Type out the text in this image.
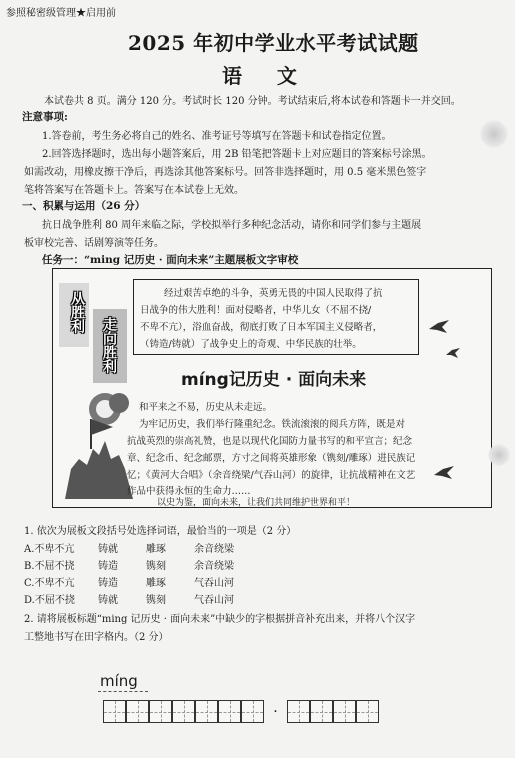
参照秘密级管理★启用前
2025 年初中学业水平考试试题
语     文
本试卷共 8 页。满分 120 分。考试时长 120 分钟。考试结束后,将本试卷和答题卡一并交回。
注意事项:
1.答卷前，考生务必将自己的姓名、准考证号等填写在答题卡和试卷指定位置。
2.回答选择题时，选出每小题答案后，用 2B 铅笔把答题卡上对应题目的答案标号涂黑。
如需改动，用橡皮擦干净后，再选涂其他答案标号。回答非选择题时，用 0.5 毫米黑色签字
笔将答案写在答题卡上。答案写在本试卷上无效。
一、积累与运用（26 分）
抗日战争胜利 80 周年来临之际，学校拟举行多种纪念活动，请你和同学们参与主题展
板审校完善、话剧筹演等任务。
任务一：“ming 记历史 · 面向未来”主题展板文字审校
从胜利
走向胜利
经过艰苦卓绝的斗争，英勇无畏的中国人民取得了抗
日战争的伟大胜利！面对侵略者，中华儿女（不屈不挠/
不卑不亢），浴血奋战，彻底打败了日本军国主义侵略者，
（铸造/铸就）了战争史上的奇观、中华民族的壮举。
míng记历史 · 面向未来
和平来之不易，历史从未走远。
为牢记历史，我们举行隆重纪念。铁流滚滚的阅兵方阵，既是对
抗战英烈的崇高礼赞，也是以现代化国防力量书写的和平宣言；纪念
章、纪念币、纪念邮票，方寸之间将英雄形象（镌刻/雕琢）进民族记
忆；《黄河大合唱》（余音绕梁/气吞山河）的旋律，让抗战精神在文艺
作品中获得永恒的生命力……
以史为鉴，面向未来，让我们共同维护世界和平！
1. 依次为展板文段括号处选择词语，最恰当的一项是（2 分）
A.不卑不亢 铸就	雕琢	余音绕梁
B.不屈不挠 铸造	镌刻	余音绕梁
C.不卑不亢 铸造	雕琢	气吞山河
D.不屈不挠 铸就	镌刻	气吞山河
2. 请将展板标题“ming 记历史 · 面向未来”中缺少的字根据拼音补充出来，并将八个汉字
工整地书写在田字格内。（2 分）
míng
·
